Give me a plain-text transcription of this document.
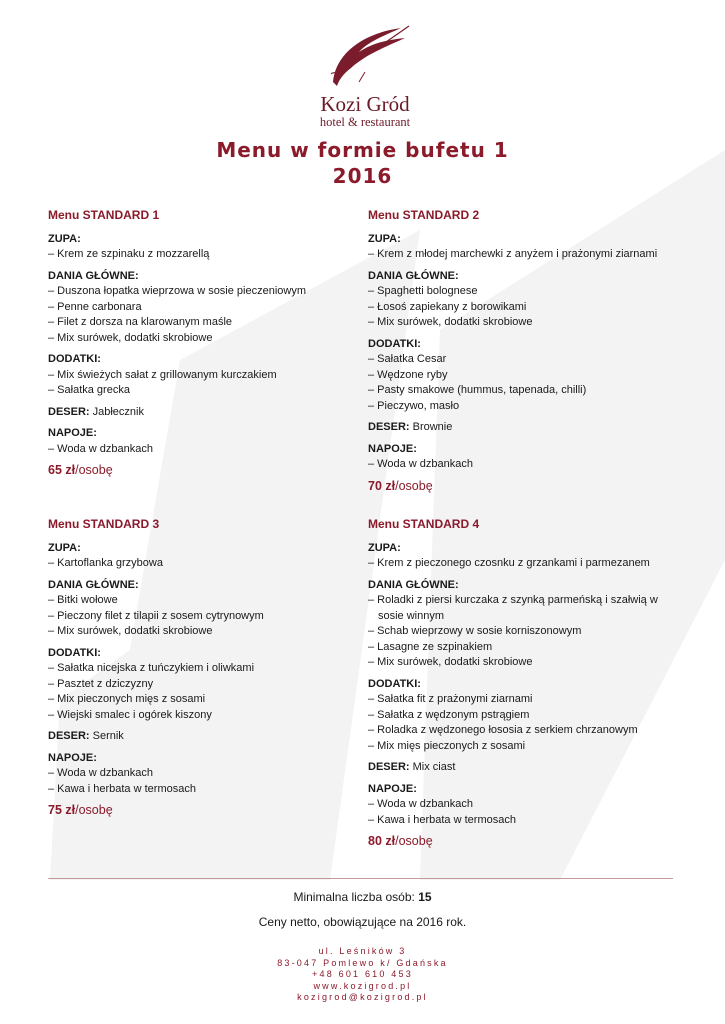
Kozi Gród
hotel & restaurant
Menu w formie bufetu 1
2016
Menu STANDARD 1
ZUPA:
– Krem ze szpinaku z mozzarellą
DANIA GŁÓWNE:
– Duszona łopatka wieprzowa w sosie pieczeniowym
– Penne carbonara
– Filet z dorsza na klarowanym maśle
– Mix surówek, dodatki skrobiowe
DODATKI:
– Mix świeżych sałat z grillowanym kurczakiem
– Sałatka grecka
DESER: Jabłecznik
NAPOJE:
– Woda w dzbankach
65 zł/osobę
Menu STANDARD 2
ZUPA:
– Krem z młodej marchewki z anyżem i prażonymi ziarnami
DANIA GŁÓWNE:
– Spaghetti bolognese
– Łosoś zapiekany z borowikami
– Mix surówek, dodatki skrobiowe
DODATKI:
– Sałatka Cesar
– Wędzone ryby
– Pasty smakowe (hummus, tapenada, chilli)
– Pieczywo, masło
DESER: Brownie
NAPOJE:
– Woda w dzbankach
70 zł/osobę
Menu STANDARD 3
ZUPA:
– Kartoflanka grzybowa
DANIA GŁÓWNE:
– Bitki wołowe
– Pieczony filet z tilapii z sosem cytrynowym
– Mix surówek, dodatki skrobiowe
DODATKI:
– Sałatka nicejska z tuńczykiem i oliwkami
– Pasztet z dziczyzny
– Mix pieczonych mięs z sosami
– Wiejski smalec i ogórek kiszony
DESER: Sernik
NAPOJE:
– Woda w dzbankach
– Kawa i herbata w termosach
75 zł/osobę
Menu STANDARD 4
ZUPA:
– Krem z pieczonego czosnku z grzankami i parmezanem
DANIA GŁÓWNE:
– Roladki z piersi kurczaka z szynką parmeńską i szałwią w sosie winnym
– Schab wieprzowy w sosie korniszonowym
– Lasagne ze szpinakiem
– Mix surówek, dodatki skrobiowe
DODATKI:
– Sałatka fit z prażonymi ziarnami
– Sałatka z wędzonym pstrągiem
– Roladka z wędzonego łososia z serkiem chrzanowym
– Mix mięs pieczonych z sosami
DESER: Mix ciast
NAPOJE:
– Woda w dzbankach
– Kawa i herbata w termosach
80 zł/osobę
Minimalna liczba osób: 15
Ceny netto, obowiązujące na 2016 rok.
ul. Leśników 3
83-047 Pomlewo k/ Gdańska
+48 601 610 453
www.kozigrod.pl
kozigrod@kozigrod.pl
